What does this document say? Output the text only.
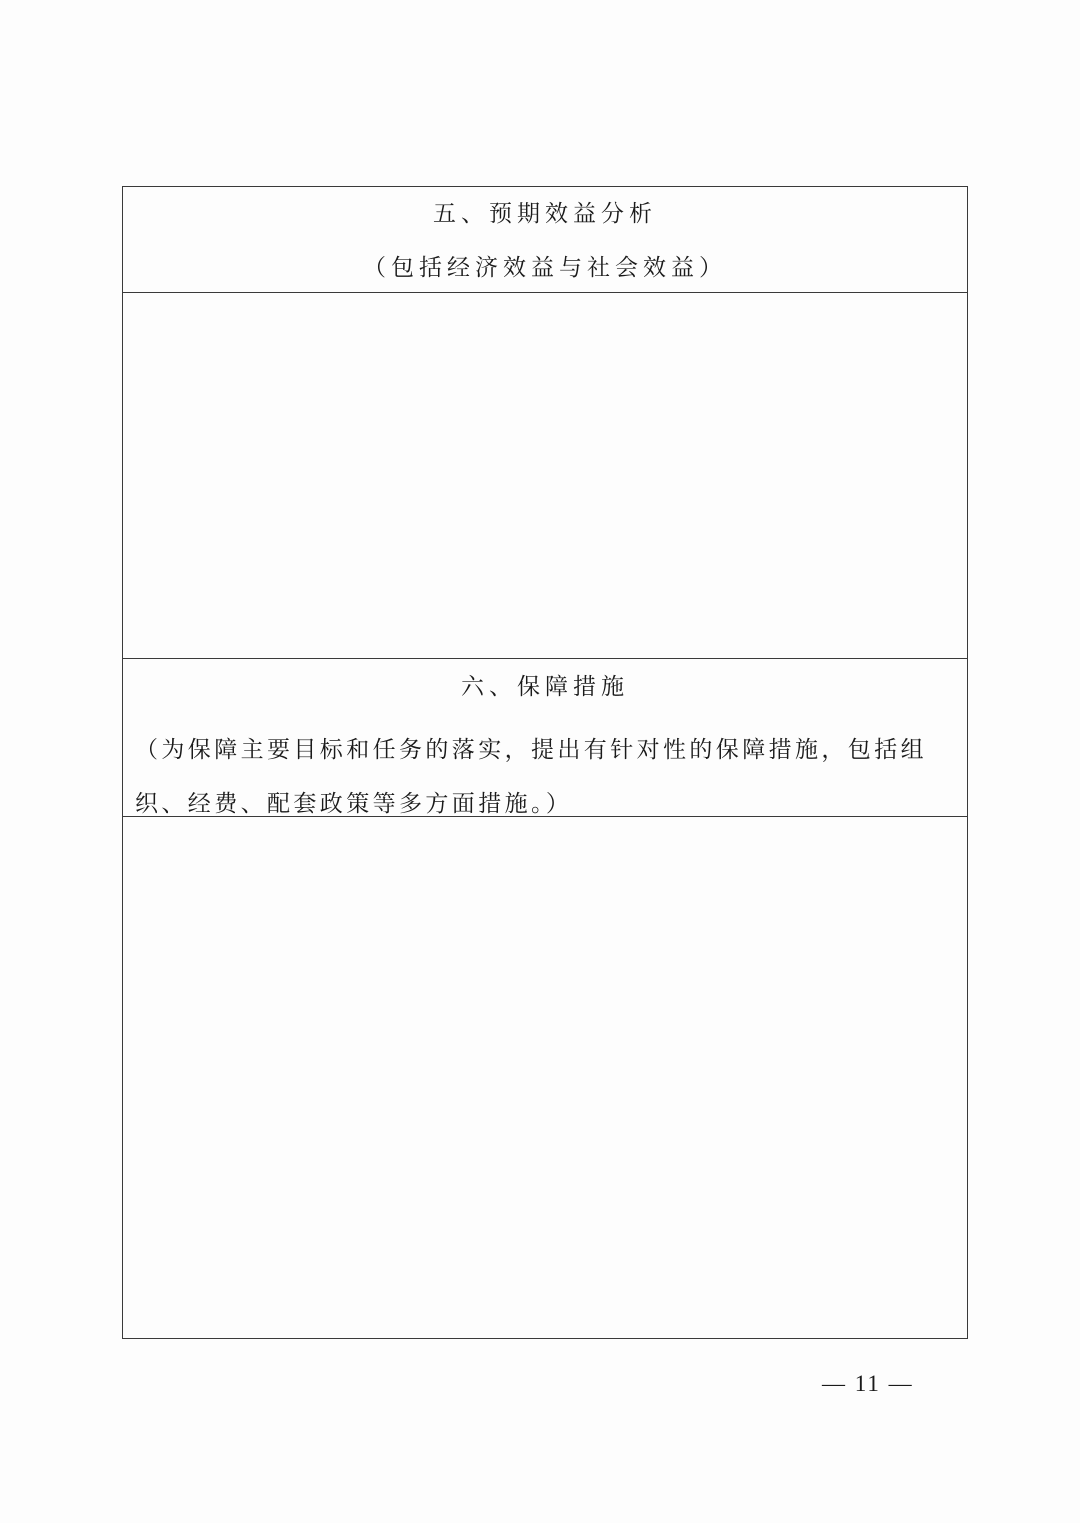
五、预期效益分析
（包括经济效益与社会效益）
六、保障措施
（为保障主要目标和任务的落实，提出有针对性的保障措施，包括组织、经费、配套政策等多方面措施。）
— 11 —
